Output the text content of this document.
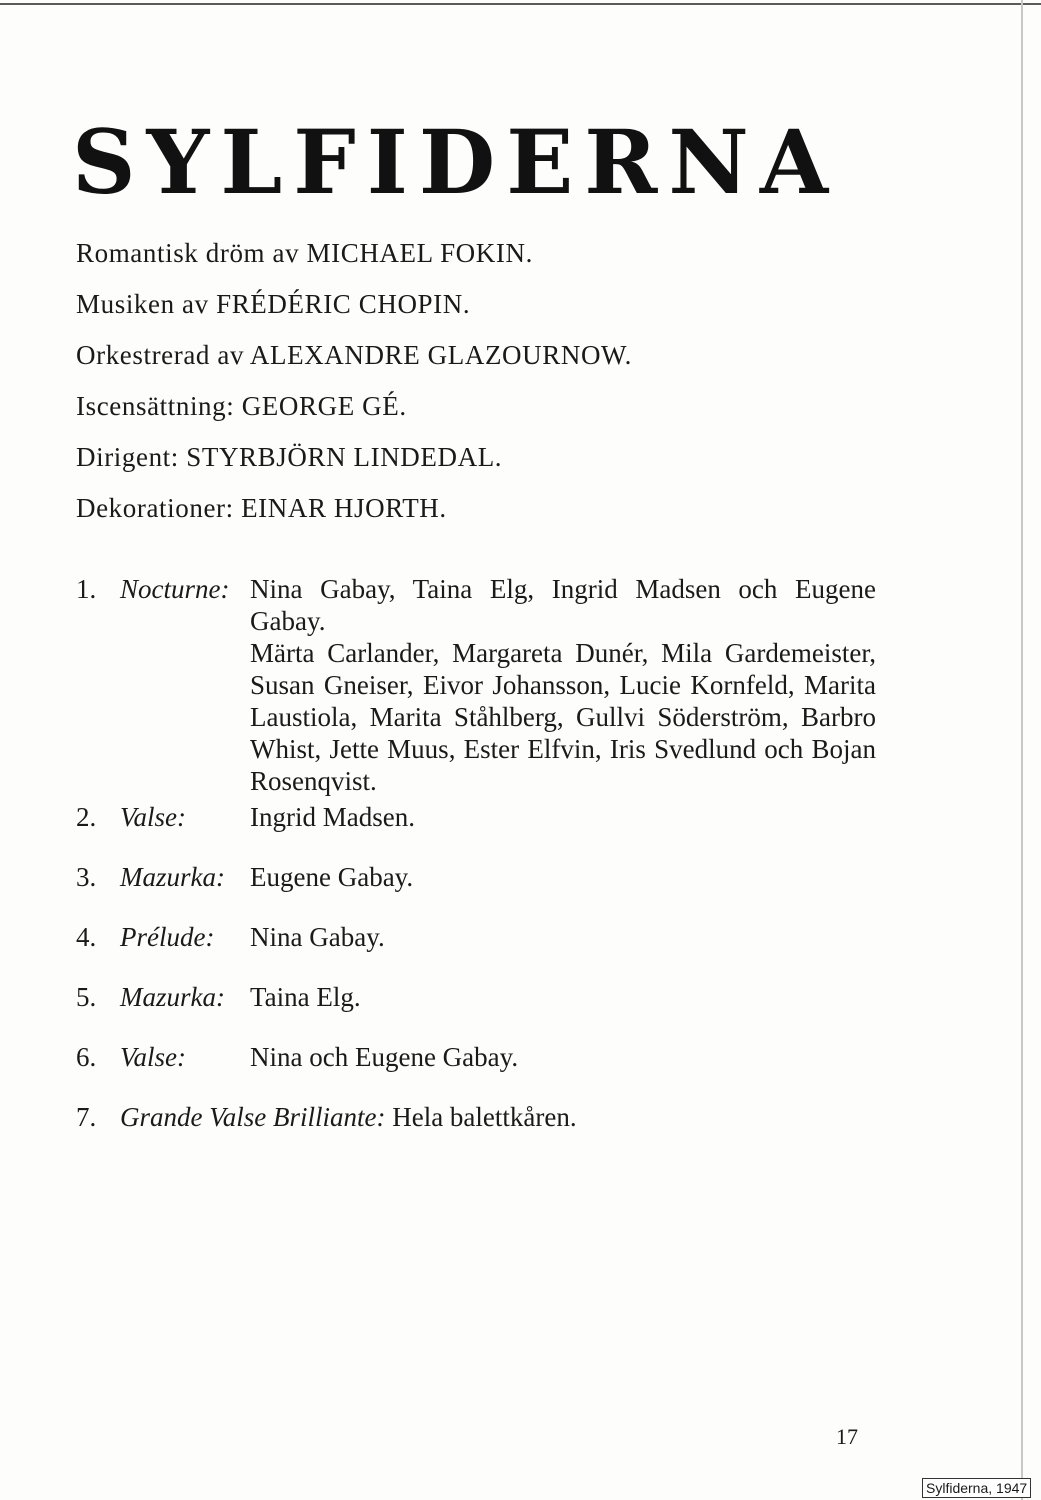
SYLFIDERNA
Romantisk dröm av MICHAEL FOKIN.
Musiken av FRÉDÉRIC CHOPIN.
Orkestrerad av ALEXANDRE GLAZOURNOW.
Iscensättning: GEORGE GÉ.
Dirigent: STYRBJÖRN LINDEDAL.
Dekorationer: EINAR HJORTH.
1. Nocturne: Nina Gabay, Taina Elg, Ingrid Madsen och Eugene Gabay.
Märta Carlander, Margareta Dunér, Mila Gardemeister, Susan Gneiser, Eivor Johansson, Lucie Kornfeld, Marita Laustiola, Marita Ståhlberg, Gullvi Söderström, Barbro Whist, Jette Muus, Ester Elfvin, Iris Svedlund och Bojan Rosenqvist.
2. Valse: Ingrid Madsen.
3. Mazurka: Eugene Gabay.
4. Prélude: Nina Gabay.
5. Mazurka: Taina Elg.
6. Valse: Nina och Eugene Gabay.
7. Grande Valse Brilliante: Hela balettkåren.
17
Sylfiderna, 1947
